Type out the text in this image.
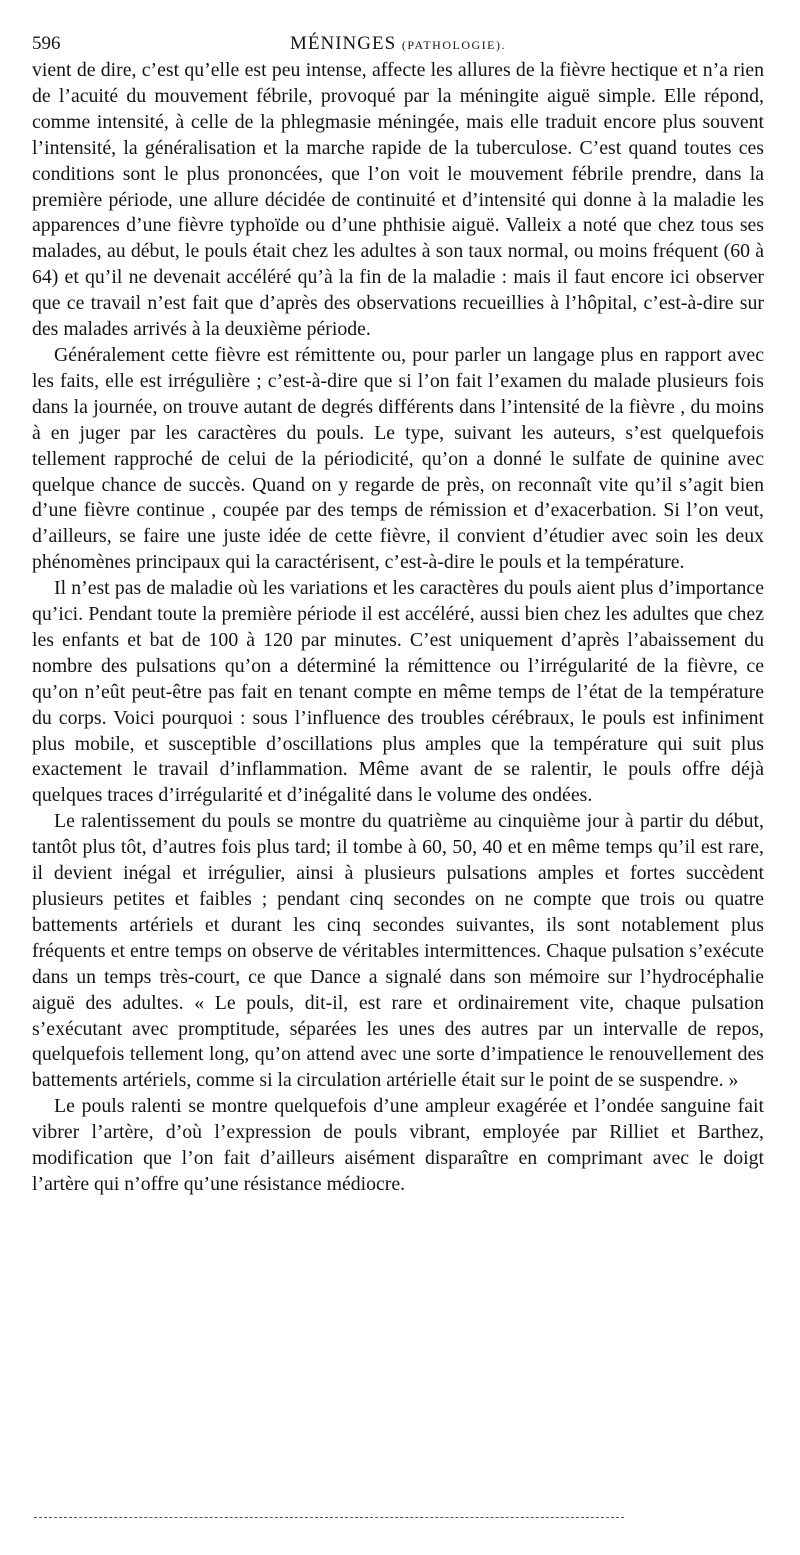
596	MÉNINGES (PATHOLOGIE).

vient de dire, c’est qu’elle est peu intense, affecte les allures de la fièvre hectique et n’a rien de l’acuité du mouvement fébrile, provoqué par la méningite aiguë simple. Elle répond, comme intensité, à celle de la phlegmasie méningée, mais elle traduit encore plus souvent l’intensité, la généralisation et la marche rapide de la tuberculose. C’est quand toutes ces conditions sont le plus prononcées, que l’on voit le mouvement fébrile prendre, dans la première période, une allure décidée de continuité et d’intensité qui donne à la maladie les apparences d’une fièvre typhoïde ou d’une phthisie aiguë. Valleix a noté que chez tous ses malades, au début, le pouls était chez les adultes à son taux normal, ou moins fréquent (60 à 64) et qu’il ne devenait accéléré qu’à la fin de la maladie : mais il faut encore ici observer que ce travail n’est fait que d’après des observations recueillies à l’hôpital, c’est-à-dire sur des malades arrivés à la deuxième période.

Généralement cette fièvre est rémittente ou, pour parler un langage plus en rapport avec les faits, elle est irrégulière ; c’est-à-dire que si l’on fait l’examen du malade plusieurs fois dans la journée, on trouve autant de degrés différents dans l’intensité de la fièvre , du moins à en juger par les caractères du pouls. Le type, suivant les auteurs, s’est quelquefois tellement rapproché de celui de la périodicité, qu’on a donné le sulfate de quinine avec quelque chance de succès. Quand on y regarde de près, on reconnaît vite qu’il s’agit bien d’une fièvre continue , coupée par des temps de rémission et d’exacerbation. Si l’on veut, d’ailleurs, se faire une juste idée de cette fièvre, il convient d’étudier avec soin les deux phénomènes principaux qui la caractérisent, c’est-à-dire le pouls et la température.

Il n’est pas de maladie où les variations et les caractères du pouls aient plus d’importance qu’ici. Pendant toute la première période il est accéléré, aussi bien chez les adultes que chez les enfants et bat de 100 à 120 par minutes. C’est uniquement d’après l’abaissement du nombre des pulsations qu’on a déterminé la rémittence ou l’irrégularité de la fièvre, ce qu’on n’eût peut-être pas fait en tenant compte en même temps de l’état de la température du corps. Voici pourquoi : sous l’influence des troubles cérébraux, le pouls est infiniment plus mobile, et susceptible d’oscillations plus amples que la température qui suit plus exactement le travail d’inflammation. Même avant de se ralentir, le pouls offre déjà quelques traces d’irrégularité et d’inégalité dans le volume des ondées.

Le ralentissement du pouls se montre du quatrième au cinquième jour à partir du début, tantôt plus tôt, d’autres fois plus tard; il tombe à 60, 50, 40 et en même temps qu’il est rare, il devient inégal et irrégulier, ainsi à plusieurs pulsations amples et fortes succèdent plusieurs petites et faibles ; pendant cinq secondes on ne compte que trois ou quatre battements artériels et durant les cinq secondes suivantes, ils sont notablement plus fréquents et entre temps on observe de véritables intermittences. Chaque pulsation s’exécute dans un temps très-court, ce que Dance a signalé dans son mémoire sur l’hydrocéphalie aiguë des adultes. « Le pouls, dit-il, est rare et ordinairement vite, chaque pulsation s’exécutant avec promptitude, séparées les unes des autres par un intervalle de repos, quelquefois tellement long, qu’on attend avec une sorte d’impatience le renouvellement des battements artériels, comme si la circulation artérielle était sur le point de se suspendre. »

Le pouls ralenti se montre quelquefois d’une ampleur exagérée et l’ondée sanguine fait vibrer l’artère, d’où l’expression de pouls vibrant, employée par Rilliet et Barthez, modification que l’on fait d’ailleurs aisément disparaître en comprimant avec le doigt l’artère qui n’offre qu’une résistance médiocre.
